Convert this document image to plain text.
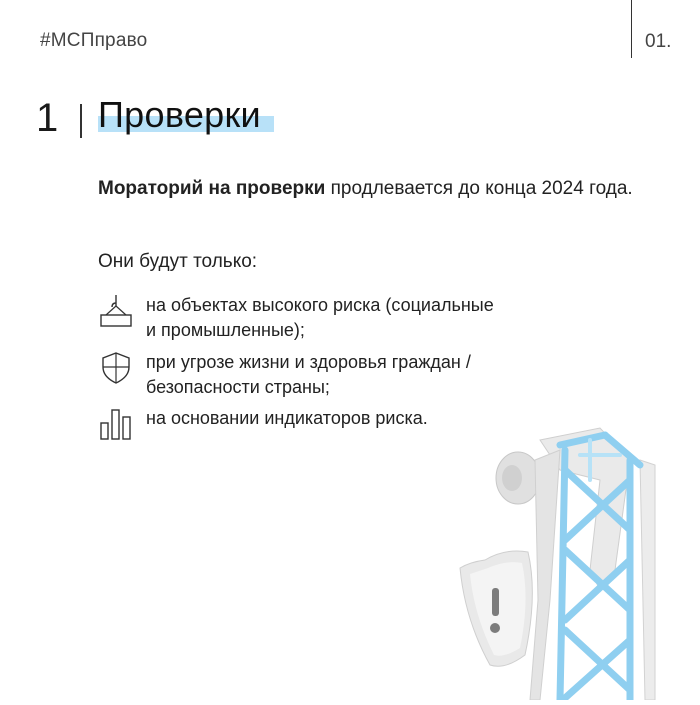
#МСПправо	01.
1 Проверки
Мораторий на проверки продлевается до конца 2024 года.
Они будут только:
на объектах высокого риска (социальные
и промышленные);
при угрозе жизни и здоровья граждан /
безопасности страны;
на основании индикаторов риска.
